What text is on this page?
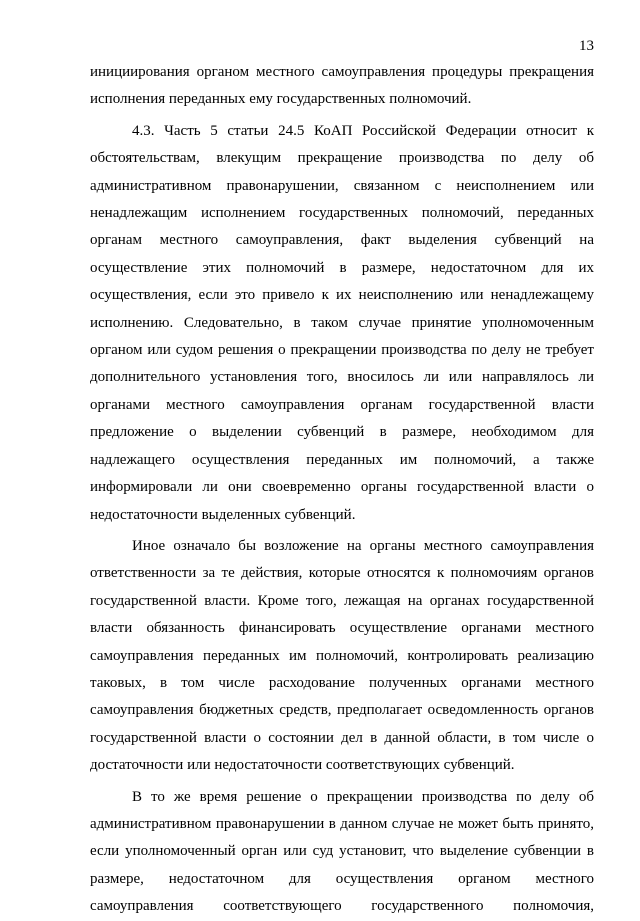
13

инициирования органом местного самоуправления процедуры прекращения исполнения переданных ему государственных полномочий.

4.3. Часть 5 статьи 24.5 КоАП Российской Федерации относит к обстоятельствам, влекущим прекращение производства по делу об административном правонарушении, связанном с неисполнением или ненадлежащим исполнением государственных полномочий, переданных органам местного самоуправления, факт выделения субвенций на осуществление этих полномочий в размере, недостаточном для их осуществления, если это привело к их неисполнению или ненадлежащему исполнению. Следовательно, в таком случае принятие уполномоченным органом или судом решения о прекращении производства по делу не требует дополнительного установления того, вносилось ли или направлялось ли органами местного самоуправления органам государственной власти предложение о выделении субвенций в размере, необходимом для надлежащего осуществления переданных им полномочий, а также информировали ли они своевременно органы государственной власти о недостаточности выделенных субвенций.

Иное означало бы возложение на органы местного самоуправления ответственности за те действия, которые относятся к полномочиям органов государственной власти. Кроме того, лежащая на органах государственной власти обязанность финансировать осуществление органами местного самоуправления переданных им полномочий, контролировать реализацию таковых, в том числе расходование полученных органами местного самоуправления бюджетных средств, предполагает осведомленность органов государственной власти о состоянии дел в данной области, в том числе о достаточности или недостаточности соответствующих субвенций.

В то же время решение о прекращении производства по делу об административном правонарушении в данном случае не может быть принято, если уполномоченный орган или суд установит, что выделение субвенции в размере, недостаточном для осуществления органом местного самоуправления соответствующего государственного полномочия,
